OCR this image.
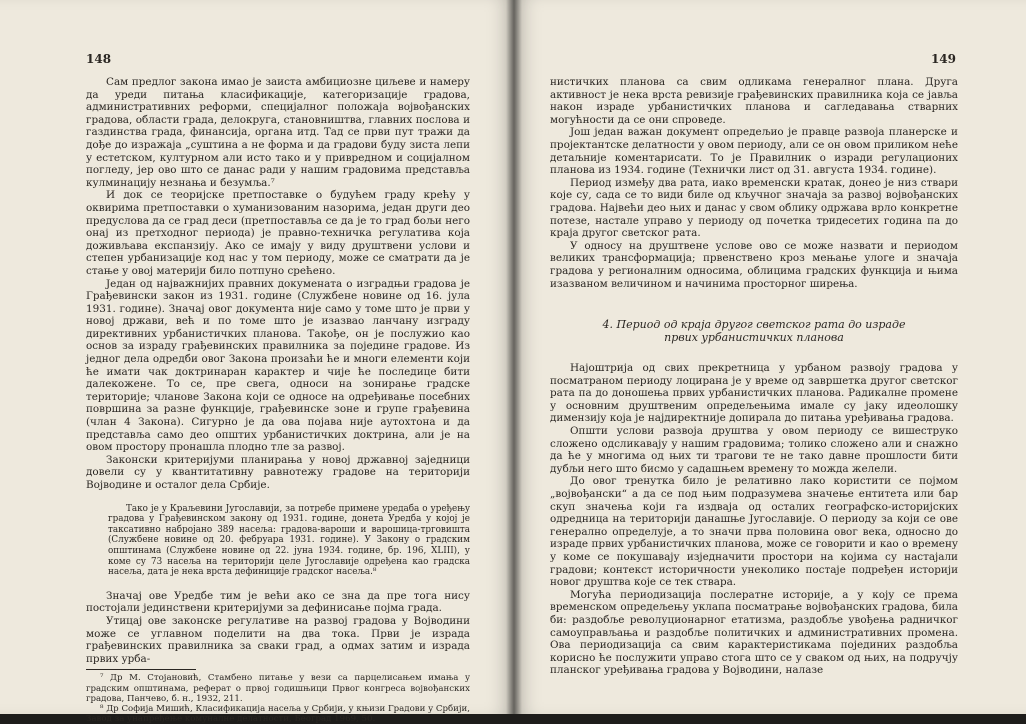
148

Сам предлог закона имао је заиста амбициозне циљеве и намеру да уреди питања класификације, категоризације градова, административних реформи, специјалног положаја војвођанских градова, области града, делокруга, становништва, главних послова и газдинства града, финансија, органа итд. Тад се први пут тражи да дође до изражаја „суштина а не форма и да градови буду зиста лепи у естетском, културном али исто тако и у привредном и социјалном погледу, јер ово што се данас ради у нашим градовима представља кулминацију незнања и безумља.⁷

И док се теоријске претпоставке о будућем граду крећу у оквирима претпоставки о хуманизованим назорима, један други део предуслова да се град деси (претпоставља се да је то град бољи него онај из претходног периода) је правно-техничка регулатива која доживљава експанзију. Ако се имају у виду друштвени услови и степен урбанизације код нас у том периоду, може се сматрати да је стање у овој материји било потпуно срећено.

Један од најважнијих правних докумената о изградњи градова је Грађевински закон из 1931. године (Службене новине од 16. јула 1931. године). Значај овог документа није само у томе што је први у новој држави, већ и по томе што је изазвао ланчану изграду директивних урбанистичких планова. Такође, он је послужио као основ за израду грађевинских правилника за поједине градове. Из једног дела одредби овог Закона произаћи ће и многи елементи који ће имати чак доктринаран карактер и чије ће последице бити далекожене. То се, пре свега, односи на зонирање градске територије; члановe Закона који се односе на одређивање посебних површина за разне функције, грађевинске зоне и групе грађевина (члан 4 Закона). Сигурно је да ова појава није аутохтона и да представља само део општих урбанистичких доктрина, али је на овом простору пронашла плодно тле за развој.

Законски критеријуми планирања у новој државној заједници довели су у квантитативну равнотежу градове на територији Војводине и осталог дела Србије.

Тако је у Краљевини Југославији, за потребе примене уредаба о уређењу градова у Грађевинском закону од 1931. године, донета Уредба у којој је таксативно набројано 389 насеља: градова-вароши и варошица-трговишта (Службене новине од 20. фебруара 1931. године). У Закону о градским општинама (Службене новине од 22. јуна 1934. године, бр. 196, XLIII), у коме су 73 насеља на територији целе Југославије одређена као градска насеља, дата је нека врста дефиниције градског насеља.⁸

Значај ове Уредбе тим је већи ако се зна да пре тога нису постојали јединствени критеријуми за дефинисање појма града.

Утицај ове законске регулативе на развој градова у Војводини може се углавном поделити на два тока. Први је израда грађевинских правилника за сваки град, а одмах затим и израда првих урба-

⁷ Др М. Стојановић, Стамбено питање у вези са парцелисањем имања у градским општинама, реферат о првој годишњици Првог конгреса војвођанских градова, Панчево, б. н., 1932, 211.

⁸ Др Софија Мишић, Класификација насеља у Србији, у књизи Градови у Србији, Завод за унапређење комуналне делатности, Београд 1969, 50.

149

нистичких планова са свим одликама генералног плана. Друга активност је нека врста ревизије грађевинских правилника која се јавља након израде урбанистичких планова и сагледавања стварних могућности да се они спроведе.

Још један важан документ опредељио је правце развоја планерске и пројектантске делатности у овом периоду, али се он овом приликом неће детаљније коментарисати. То је Правилник о изради регулационих планова из 1934. године (Технички лист од 31. августа 1934. године).

Период између два рата, иако временски кратак, донео је низ ствари које су, сада се то види биле од кључног значаја за развој војвођанских градова. Највећи део њих и данас у свом облику одржава врло конкретне потезе, настале управо у периоду од почетка тридесетих година па до краја другог светског рата.

У односу на друштвене услове ово се може назвати и периодом великих трансформација; првенствено кроз мењање улоге и значаја градова у регионалним односима, облицима градских функција и њима изазваном величином и начинима просторног ширења.

4. Период од краја другог светског рата до израде
првих урбанистичких планова

Најоштрија од свих прекретница у урбаном развоју градова у посматраном периоду лоцирана је у време од завршетка другог светског рата па до доношења првих урбанистичких планова. Радикалне промене у основним друштвеним опредељењима имале су јаку идеолошку димензију која је најдиректније допирала до питања уређивања градова.

Општи услови развоја друштва у овом периоду се вишеструко сложено одсликавају у нашим градовима; толико сложено али и снажно да ће у многима од њих ти трагови те не тако давне прошлости бити дубљи него што бисмо у садашњем времену то можда желели.

До овог тренутка било је релативно лако користити се појмом „војвођански“ а да се под њим подразумева значење ентитета или бар скуп значења који га издваја од осталих географско-историјских одредница на територији данашње Југославије. О периоду за који се ове генерално определује, а то значи прва половина овог века, односно до израде првих урбанистичких планова, може се говорити и као о времену у коме се покушавају изједначити простори на којима су настајали градови; контекст историчности унеколико постаје подређен историји новог друштва које се тек ствара.

Могућа периодизација послератне историје, а у коју се према временском опредељењу уклапа посматрање војвођанских градова, била би: раздобље револуционарног етатизма, раздобље увођења радничког самоуправљања и раздобље политичких и административних промена. Ова периодизација са свим карактеристикама појединих раздобља корисно ће послужити управо стога што се у сваком од њих, на подручју планског уређивања градова у Војводини, налазе
